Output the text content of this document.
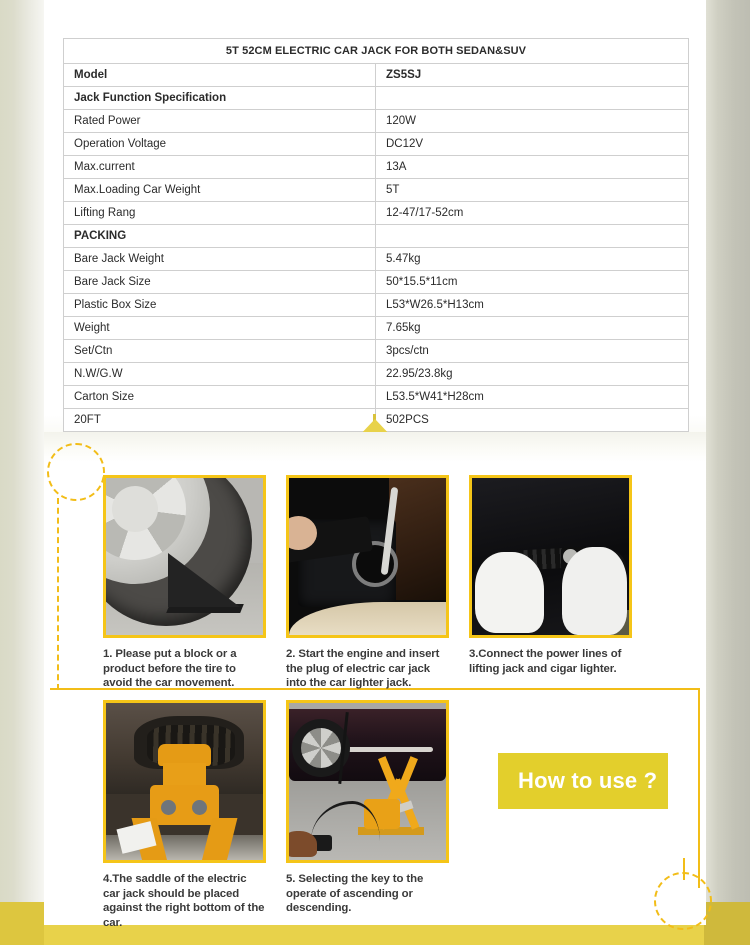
5T 52CM ELECTRIC CAR JACK FOR BOTH SEDAN&SUV	
Model	ZS5SJ
Jack Function Specification	
Rated Power	120W
Operation Voltage	DC12V
Max.current	13A
Max.Loading Car Weight	5T
Lifting Rang	12-47/17-52cm
PACKING	
Bare Jack Weight	5.47kg
Bare Jack Size	50*15.5*11cm
Plastic Box Size	L53*W26.5*H13cm
Weight	7.65kg
Set/Ctn	3pcs/ctn
N.W/G.W	22.95/23.8kg
Carton Size	L53.5*W41*H28cm
20FT	502PCS
1. Please put a block or a product before the tire to avoid the car movement.
2. Start the engine and insert the plug of electric car jack into the car lighter jack.
3.Connect the power lines of lifting jack and cigar lighter.
4.The saddle of the electric car jack should be placed against the right bottom of the car.
5. Selecting the key to the operate of ascending or descending.
How to use ?
